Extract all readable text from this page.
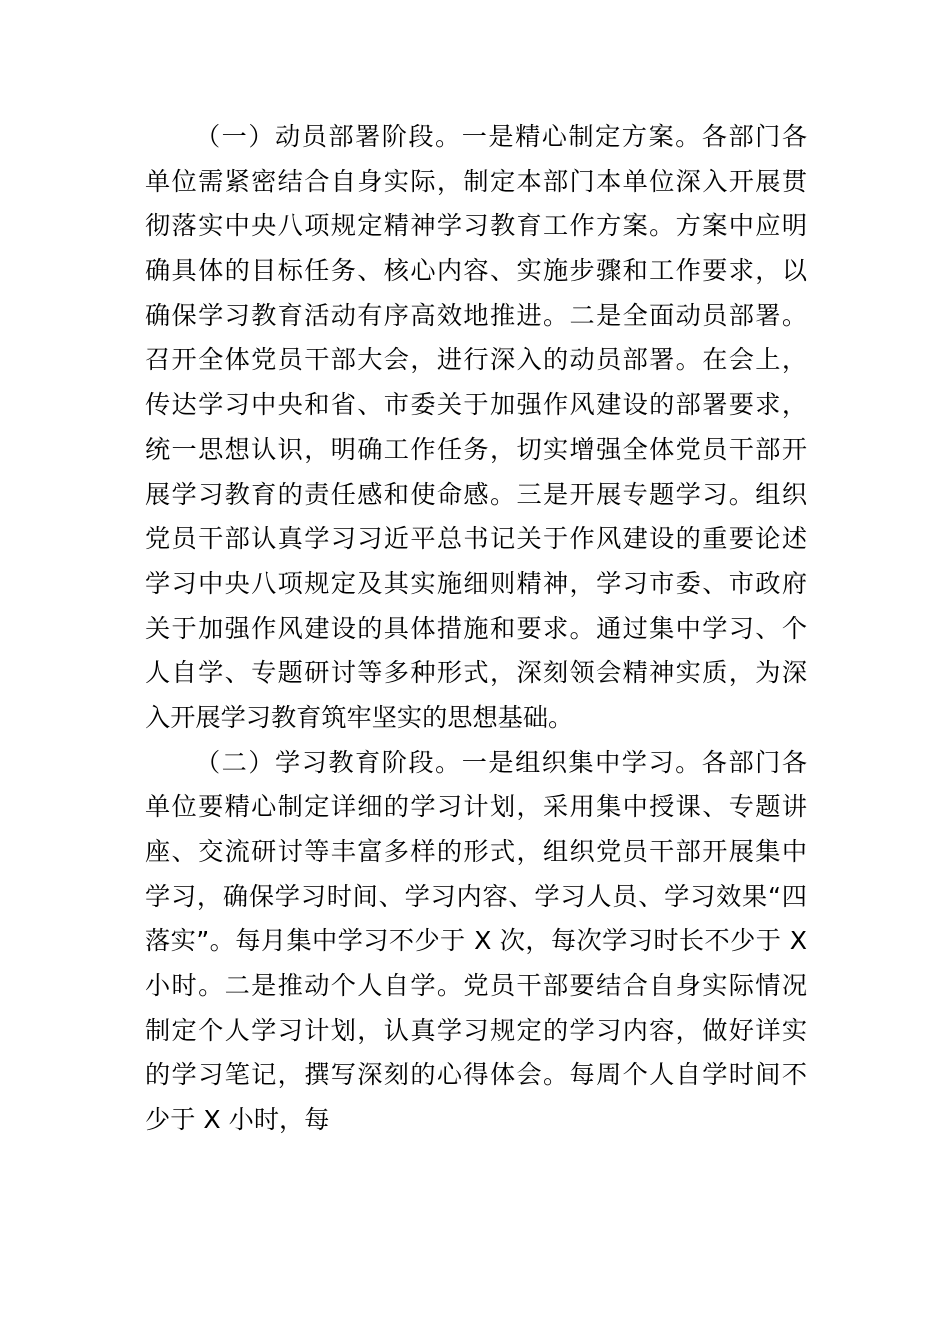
（一）动员部署阶段。一是精心制定方案。各部门各
单位需紧密结合自身实际，制定本部门本单位深入开展贯
彻落实中央八项规定精神学习教育工作方案。方案中应明
确具体的目标任务、核心内容、实施步骤和工作要求，以
确保学习教育活动有序高效地推进。二是全面动员部署。
召开全体党员干部大会，进行深入的动员部署。在会上，
传达学习中央和省、市委关于加强作风建设的部署要求，
统一思想认识，明确工作任务，切实增强全体党员干部开
展学习教育的责任感和使命感。三是开展专题学习。组织
党员干部认真学习习近平总书记关于作风建设的重要论述
学习中央八项规定及其实施细则精神，学习市委、市政府
关于加强作风建设的具体措施和要求。通过集中学习、个
人自学、专题研讨等多种形式，深刻领会精神实质，为深
入开展学习教育筑牢坚实的思想基础。
（二）学习教育阶段。一是组织集中学习。各部门各
单位要精心制定详细的学习计划，采用集中授课、专题讲
座、交流研讨等丰富多样的形式，组织党员干部开展集中
学习，确保学习时间、学习内容、学习人员、学习效果“四
落实”。每月集中学习不少于 X 次，每次学习时长不少于 X
小时。二是推动个人自学。党员干部要结合自身实际情况
制定个人学习计划，认真学习规定的学习内容，做好详实
的学习笔记，撰写深刻的心得体会。每周个人自学时间不
少于 X 小时，每
